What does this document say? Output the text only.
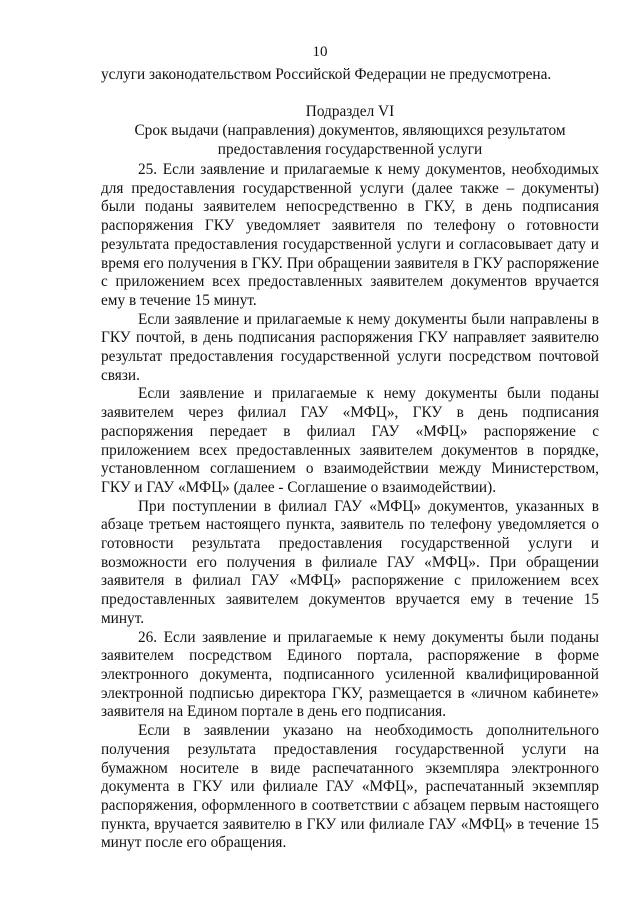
10
услуги законодательством Российской Федерации не предусмотрена.
Подраздел VI
Срок выдачи (направления) документов, являющихся результатом предоставления государственной услуги

25. Если заявление и прилагаемые к нему документов, необходимых для предоставления государственной услуги (далее также – документы) были поданы заявителем непосредственно в ГКУ, в день подписания распоряжения ГКУ уведомляет заявителя по телефону о готовности результата предоставления государственной услуги и согласовывает дату и время его получения в ГКУ. При обращении заявителя в ГКУ распоряжение с приложением всех предоставленных заявителем документов вручается ему в течение 15 минут.

Если заявление и прилагаемые к нему документы были направлены в ГКУ почтой, в день подписания распоряжения ГКУ направляет заявителю результат предоставления государственной услуги посредством почтовой связи.

Если заявление и прилагаемые к нему документы были поданы заявителем через филиал ГАУ «МФЦ», ГКУ в день подписания распоряжения передает в филиал ГАУ «МФЦ» распоряжение с приложением всех предоставленных заявителем документов в порядке, установленном соглашением о взаимодействии между Министерством, ГКУ и ГАУ «МФЦ» (далее - Соглашение о взаимодействии).

При поступлении в филиал ГАУ «МФЦ» документов, указанных в абзаце третьем настоящего пункта, заявитель по телефону уведомляется о готовности результата предоставления государственной услуги и возможности его получения в филиале ГАУ «МФЦ». При обращении заявителя в филиал ГАУ «МФЦ» распоряжение с приложением всех предоставленных заявителем документов вручается ему в течение 15 минут.

26. Если заявление и прилагаемые к нему документы были поданы заявителем посредством Единого портала, распоряжение в форме электронного документа, подписанного усиленной квалифицированной электронной подписью директора ГКУ, размещается в «личном кабинете» заявителя на Едином портале в день его подписания.

Если в заявлении указано на необходимость дополнительного получения результата предоставления государственной услуги на бумажном носителе в виде распечатанного экземпляра электронного документа в ГКУ или филиале ГАУ «МФЦ», распечатанный экземпляр распоряжения, оформленного в соответствии с абзацем первым настоящего пункта, вручается заявителю в ГКУ или филиале ГАУ «МФЦ» в течение 15 минут после его обращения.
